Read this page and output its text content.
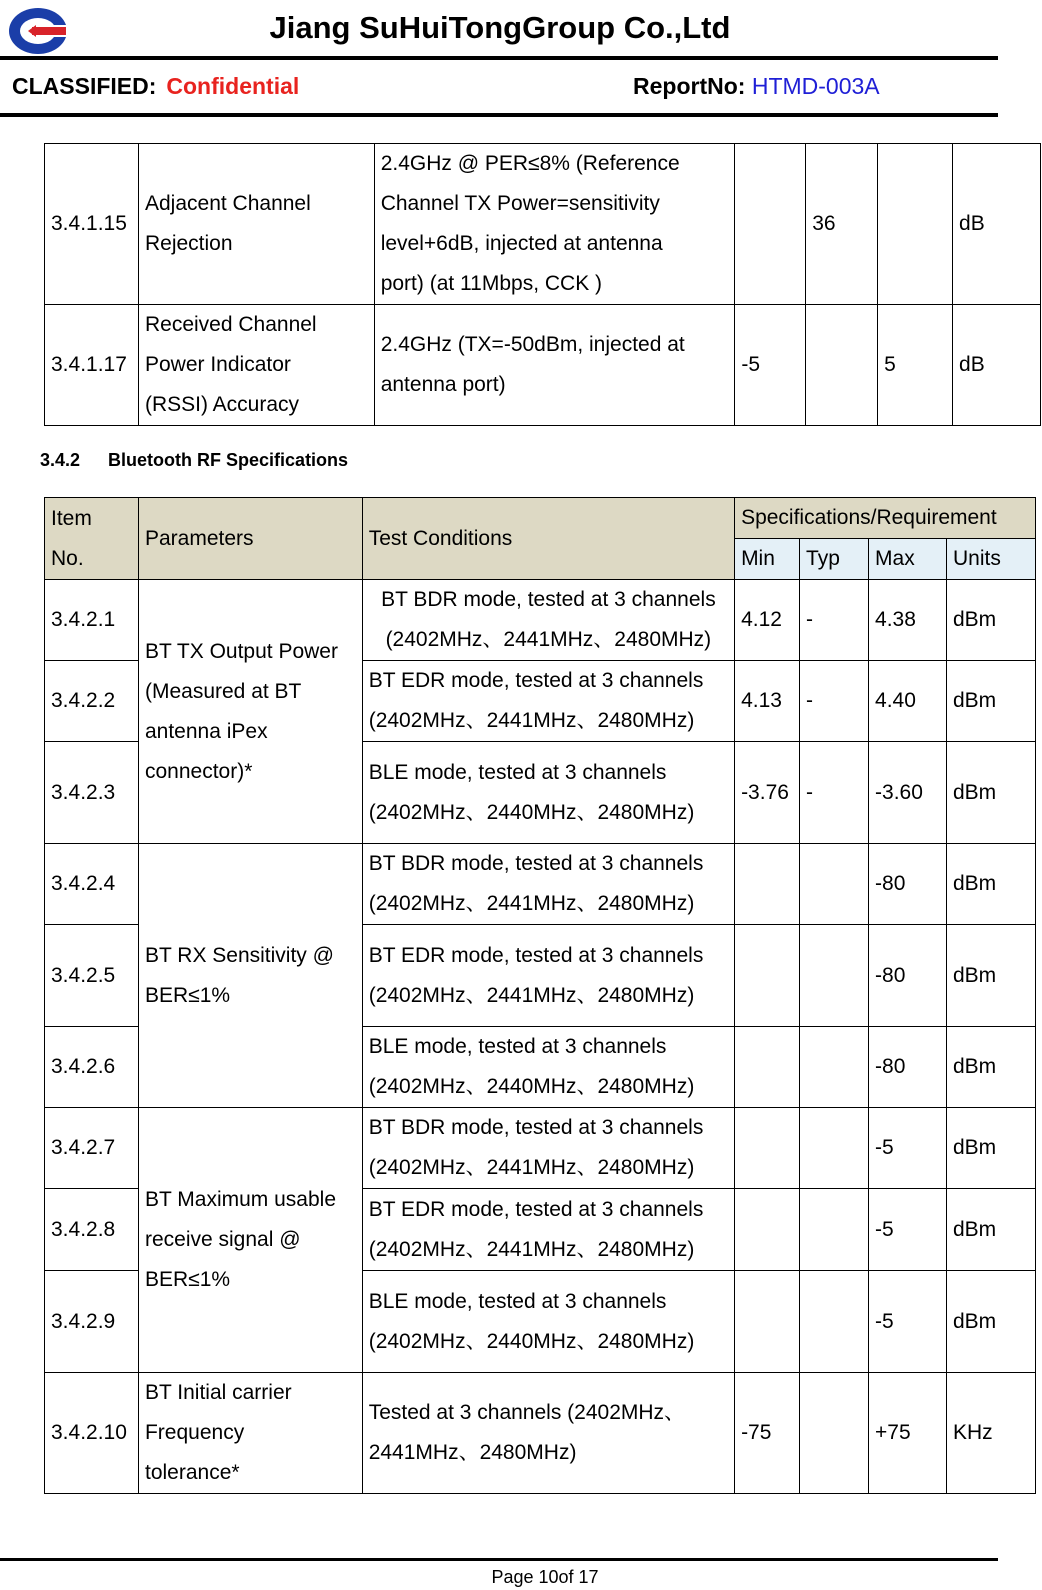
Jiang SuHuiTongGroup Co.,Ltd
CLASSIFIED: Confidential	ReportNo: HTMD-003A
3.4.1.15	Adjacent Channel
Rejection	2.4GHz @ PER≤8% (Reference
Channel TX Power=sensitivity
level+6dB, injected at antenna
port) (at 11Mbps, CCK )		36		dB
3.4.1.17	Received Channel
Power Indicator
(RSSI) Accuracy	2.4GHz (TX=-50dBm, injected at
antenna port)	-5		5	dB
3.4.2 Bluetooth RF Specifications
Item
No.	Parameters	Test Conditions	Specifications/Requirement			
			Min	Typ	Max	Units
3.4.2.1	BT TX Output Power
(Measured at BT
antenna iPex
connector)*	BT BDR mode, tested at 3 channels
(2402MHz、2441MHz、2480MHz)	4.12	-	4.38	dBm
3.4.2.2		BT EDR mode, tested at 3 channels
(2402MHz、2441MHz、2480MHz)	4.13	-	4.40	dBm
3.4.2.3		BLE mode, tested at 3 channels
(2402MHz、2440MHz、2480MHz)	-3.76	-	-3.60	dBm
3.4.2.4	BT RX Sensitivity @
BER≤1%	BT BDR mode, tested at 3 channels
(2402MHz、2441MHz、2480MHz)			-80	dBm
3.4.2.5		BT EDR mode, tested at 3 channels
(2402MHz、2441MHz、2480MHz)			-80	dBm
3.4.2.6		BLE mode, tested at 3 channels
(2402MHz、2440MHz、2480MHz)			-80	dBm
3.4.2.7	BT Maximum usable
receive signal @
BER≤1%	BT BDR mode, tested at 3 channels
(2402MHz、2441MHz、2480MHz)			-5	dBm
3.4.2.8		BT EDR mode, tested at 3 channels
(2402MHz、2441MHz、2480MHz)			-5	dBm
3.4.2.9		BLE mode, tested at 3 channels
(2402MHz、2440MHz、2480MHz)			-5	dBm
3.4.2.10	BT Initial carrier
Frequency
tolerance*	Tested at 3 channels (2402MHz、
2441MHz、2480MHz)	-75		+75	KHz
Page 10of 17
